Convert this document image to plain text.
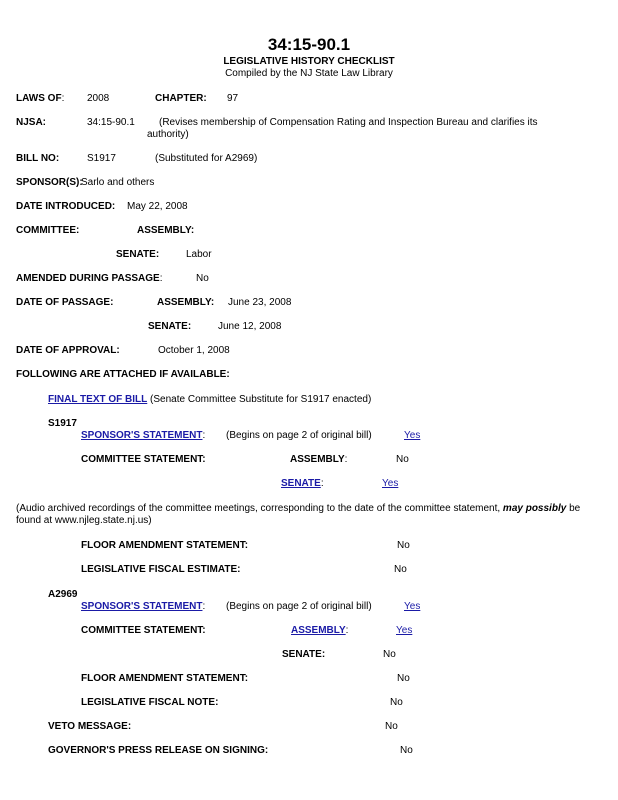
34:15-90.1
LEGISLATIVE HISTORY CHECKLIST
Compiled by the NJ State Law Library
LAWS OF: 2008	CHAPTER: 97
NJSA:	34:15-90.1	(Revises membership of Compensation Rating and Inspection Bureau and clarifies its authority)
BILL NO:	S1917	(Substituted for A2969)
SPONSOR(S):
Sarlo and others
DATE INTRODUCED: May 22, 2008
COMMITTEE:	ASSEMBLY:
SENATE:	Labor
AMENDED DURING PASSAGE:	No
DATE OF PASSAGE:	ASSEMBLY: June 23, 2008
SENATE:	June 12, 2008
DATE OF APPROVAL:	October 1, 2008
FOLLOWING ARE ATTACHED IF AVAILABLE:
FINAL TEXT OF BILL (Senate Committee Substitute for S1917 enacted)
S1917
SPONSOR'S STATEMENT: (Begins on page 2 of original bill)	Yes
COMMITTEE STATEMENT:	ASSEMBLY:	No
SENATE:	Yes
(Audio archived recordings of the committee meetings, corresponding to the date of the committee statement, may possibly be found at www.njleg.state.nj.us)
FLOOR AMENDMENT STATEMENT:	No
LEGISLATIVE FISCAL ESTIMATE:	No
A2969
SPONSOR'S STATEMENT: (Begins on page 2 of original bill)	Yes
COMMITTEE STATEMENT:	ASSEMBLY:	Yes
SENATE:	No
FLOOR AMENDMENT STATEMENT:	No
LEGISLATIVE FISCAL NOTE:	No
VETO MESSAGE:	No
GOVERNOR'S PRESS RELEASE ON SIGNING:	No
